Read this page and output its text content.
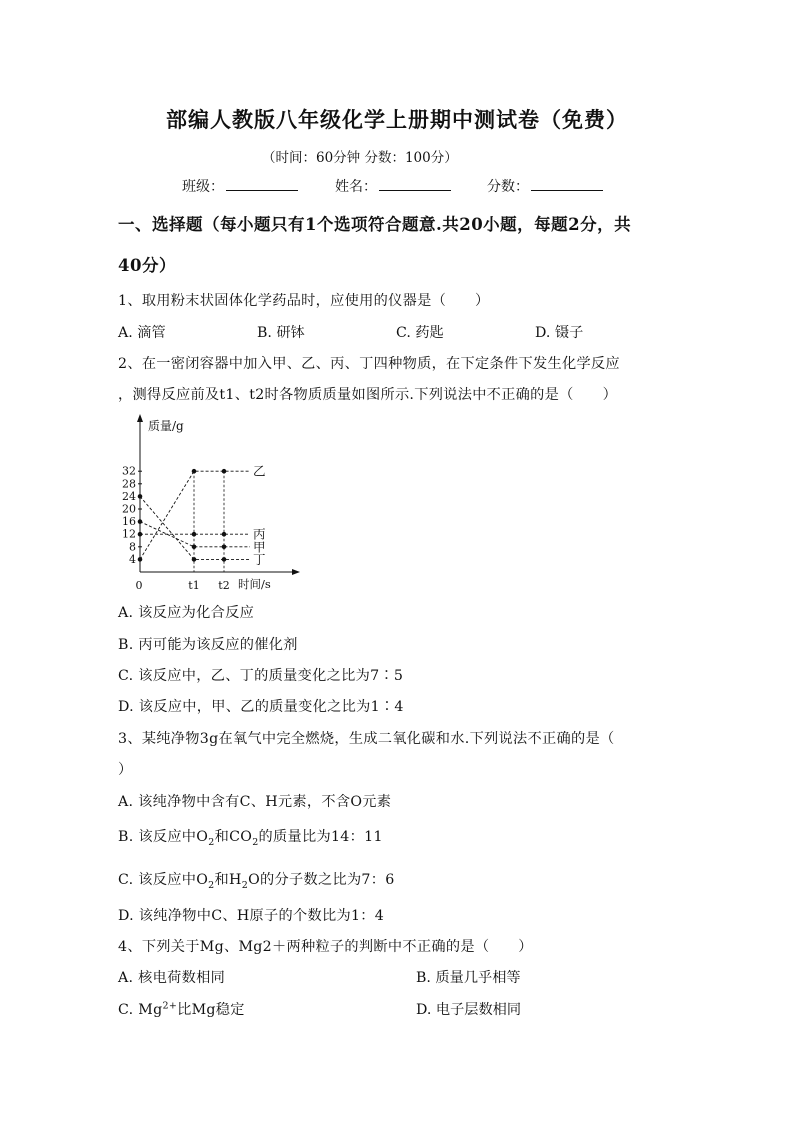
部编人教版八年级化学上册期中测试卷（免费）
（时间：60分钟 分数：100分）
班级：	姓名：	分数：
一、选择题（每小题只有1个选项符合题意.共20小题，每题2分，共
40分）
1、取用粉末状固体化学药品时，应使用的仪器是（　　）
A. 滴管	B. 研钵	C. 药匙	D. 镊子
2、在一密闭容器中加入甲、乙、丙、丁四种物质，在下定条件下发生化学反应
，测得反应前及t1、t2时各物质质量如图所示.下列说法中不正确的是（　　）
质量/g
0	t1 t2 时间/s
4
8
12
16
20
24
28
32	乙
丙
甲
丁
A. 该反应为化合反应
B. 丙可能为该反应的催化剂
C. 该反应中，乙、丁的质量变化之比为7∶5
D. 该反应中，甲、乙的质量变化之比为1∶4
3、某纯净物3g在氧气中完全燃烧，生成二氧化碳和水.下列说法不正确的是（
）
A. 该纯净物中含有C、H元素，不含O元素
B. 该反应中$O_2$和$CO_2$的质量比为14：11
C. 该反应中$O_2$和$H_2O$的分子数之比为7：6
D. 该纯净物中C、H原子的个数比为1：4
4、下列关于Mg、Mg2＋两种粒子的判断中不正确的是（　　）
A. 核电荷数相同	B. 质量几乎相等
C. $Mg^{2+}$比Mg稳定	D. 电子层数相同
